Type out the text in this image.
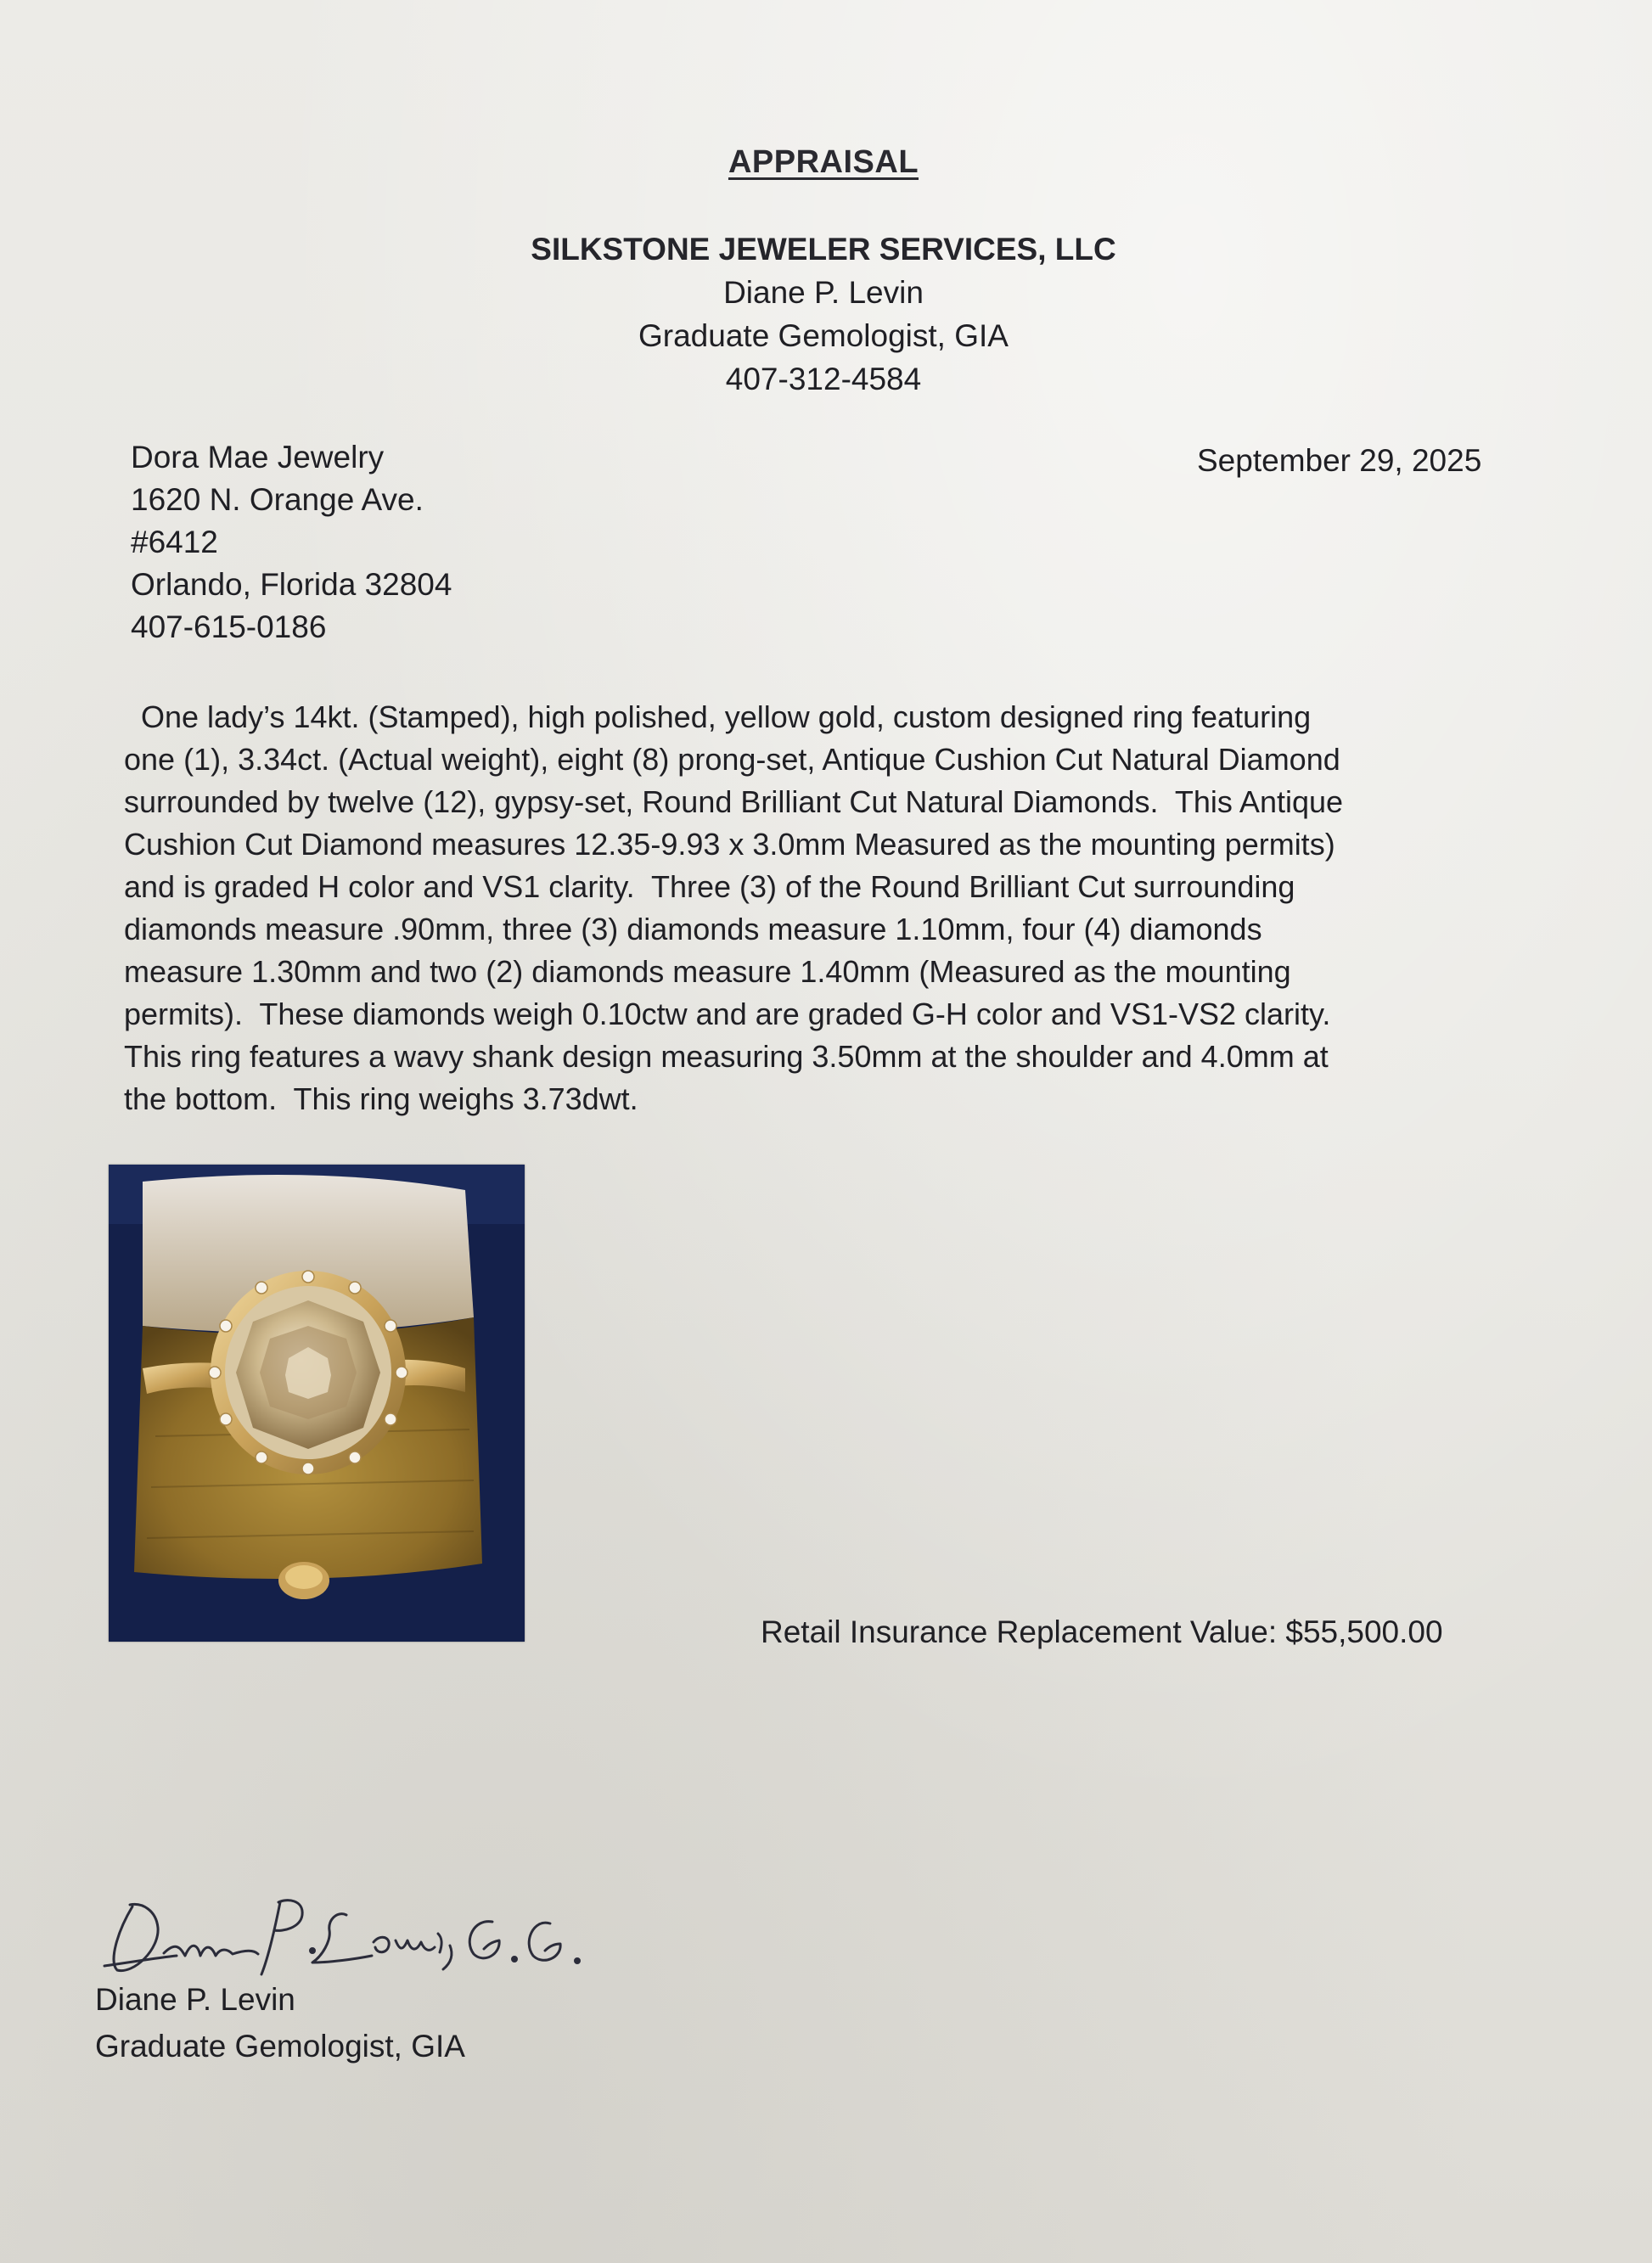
APPRAISAL
SILKSTONE JEWELER SERVICES, LLC
Diane P. Levin
Graduate Gemologist, GIA
407-312-4584
Dora Mae Jewelry
1620 N. Orange Ave.
#6412
Orlando, Florida 32804
407-615-0186
September 29, 2025
One lady’s 14kt. (Stamped), high polished, yellow gold, custom designed ring featuring
one (1), 3.34ct. (Actual weight), eight (8) prong-set, Antique Cushion Cut Natural Diamond
surrounded by twelve (12), gypsy-set, Round Brilliant Cut Natural Diamonds.  This Antique
Cushion Cut Diamond measures 12.35-9.93 x 3.0mm Measured as the mounting permits)
and is graded H color and VS1 clarity.  Three (3) of the Round Brilliant Cut surrounding
diamonds measure .90mm, three (3) diamonds measure 1.10mm, four (4) diamonds
measure 1.30mm and two (2) diamonds measure 1.40mm (Measured as the mounting
permits).  These diamonds weigh 0.10ctw and are graded G-H color and VS1-VS2 clarity.
This ring features a wavy shank design measuring 3.50mm at the shoulder and 4.0mm at
the bottom.  This ring weighs 3.73dwt.
Retail Insurance Replacement Value: $55,500.00
Diane P. Levin
Graduate Gemologist, GIA
